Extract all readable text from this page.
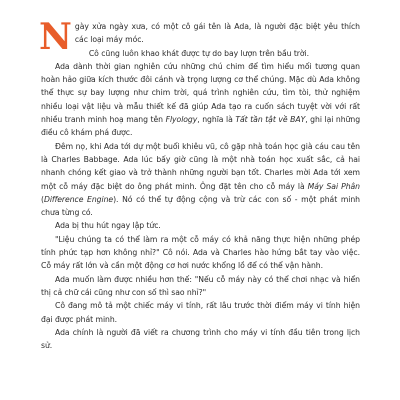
Ngày xửa ngày xưa, có một cô gái tên là Ada, là người đặc biệt yêu thích các loại máy móc.

Cô cũng luôn khao khát được tự do bay lượn trên bầu trời.

Ada dành thời gian nghiên cứu những chú chim để tìm hiểu mối tương quan hoàn hảo giữa kích thước đôi cánh và trọng lượng cơ thể chúng. Mặc dù Ada không thể thực sự bay lượng như chim trời, quá trình nghiên cứu, tìm tòi, thử nghiệm nhiều loại vật liệu và mẫu thiết kế đã giúp Ada tạo ra cuốn sách tuyệt vời với rất nhiều tranh minh hoạ mang tên Flyology, nghĩa là Tất tần tật về BAY, ghi lại những điều cô khám phá được.

Đêm nọ, khi Ada tới dự một buổi khiêu vũ, cô gặp nhà toán học già cáu cau tên là Charles Babbage. Ada lúc bấy giờ cũng là một nhà toán học xuất sắc, cả hai nhanh chóng kết giao và trở thành những người bạn tốt. Charles mời Ada tới xem một cỗ máy đặc biệt do ông phát minh. Ông đặt tên cho cỗ máy là Máy Sai Phân (Difference Engine). Nó có thể tự động cộng và trừ các con số - một phát minh chưa từng có.

Ada bị thu hút ngay lập tức.

"Liệu chúng ta có thể làm ra một cỗ máy có khả năng thực hiện những phép tính phức tạp hơn không nhỉ?" Cô nói. Ada và Charles hào hứng bắt tay vào việc. Cỗ máy rất lớn và cần một động cơ hơi nước khổng lồ để có thể vận hành.

Ada muốn làm được nhiều hơn thế: "Nếu cỗ máy này có thể chơi nhạc và hiển thị cả chữ cái cũng như con số thì sao nhỉ?"

Cô đang mô tả một chiếc máy vi tính, rất lâu trước thời điểm máy vi tính hiện đại được phát minh.

Ada chính là người đã viết ra chương trình cho máy vi tính đầu tiên trong lịch sử.
